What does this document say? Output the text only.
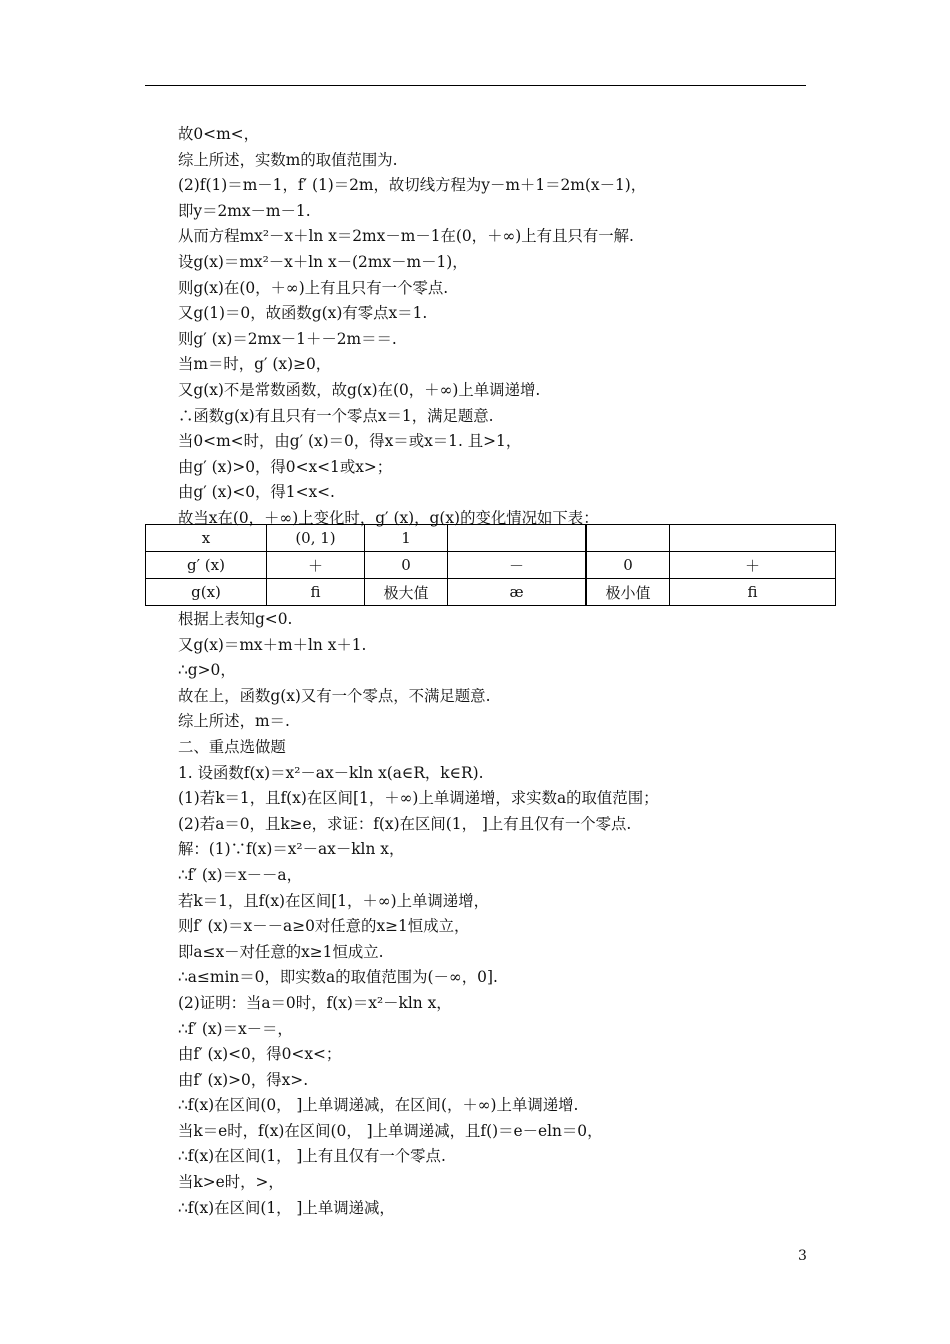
故0<m<，
综上所述，实数m的取值范围为.
(2)f(1)＝m－1，f′ (1)＝2m，故切线方程为y－m＋1＝2m(x－1)，
即y＝2mx－m－1.
从而方程mx²－x＋ln x＝2mx－m－1在(0，＋∞)上有且只有一解.
设g(x)＝mx²－x＋ln x－(2mx－m－1)，
则g(x)在(0，＋∞)上有且只有一个零点.
又g(1)＝0，故函数g(x)有零点x＝1.
则g′ (x)＝2mx－1＋－2m＝＝.
当m＝时，g′ (x)≥0，
又g(x)不是常数函数，故g(x)在(0，＋∞)上单调递增.
∴函数g(x)有且只有一个零点x＝1，满足题意.
当0<m<时，由g′ (x)＝0，得x＝或x＝1. 且>1，
由g′ (x)>0，得0<x<1或x>；
由g′ (x)<0，得1<x<.
故当x在(0，＋∞)上变化时，g′ (x)，g(x)的变化情况如下表：
x	(0, 1)	1				
g′ (x)	＋	0	－		0	＋
g(x)	ﬁ	极大值	æ		极小值	ﬁ
根据上表知g<0.
又g(x)＝mx＋m＋ln x＋1.
∴g>0，
故在上，函数g(x)又有一个零点，不满足题意.
综上所述，m＝.
二、重点选做题
1. 设函数f(x)＝x²－ax－kln x(a∈R，k∈R).
(1)若k＝1，且f(x)在区间[1，＋∞)上单调递增，求实数a的取值范围；
(2)若a＝0，且k≥e，求证：f(x)在区间(1， ]上有且仅有一个零点.
解：(1)∵f(x)＝x²－ax－kln x，
∴f′ (x)＝x－－a，
若k＝1，且f(x)在区间[1，＋∞)上单调递增，
则f′ (x)＝x－－a≥0对任意的x≥1恒成立，
即a≤x－对任意的x≥1恒成立.
∴a≤min＝0，即实数a的取值范围为(－∞，0].
(2)证明：当a＝0时，f(x)＝x²－kln x，
∴f′ (x)＝x－＝，
由f′ (x)<0，得0<x<；
由f′ (x)>0，得x>.
∴f(x)在区间(0， ]上单调递减，在区间(，＋∞)上单调递增.
当k＝e时，f(x)在区间(0， ]上单调递减，且f()＝e－eln＝0，
∴f(x)在区间(1， ]上有且仅有一个零点.
当k>e时，>，
∴f(x)在区间(1， ]上单调递减，
3
